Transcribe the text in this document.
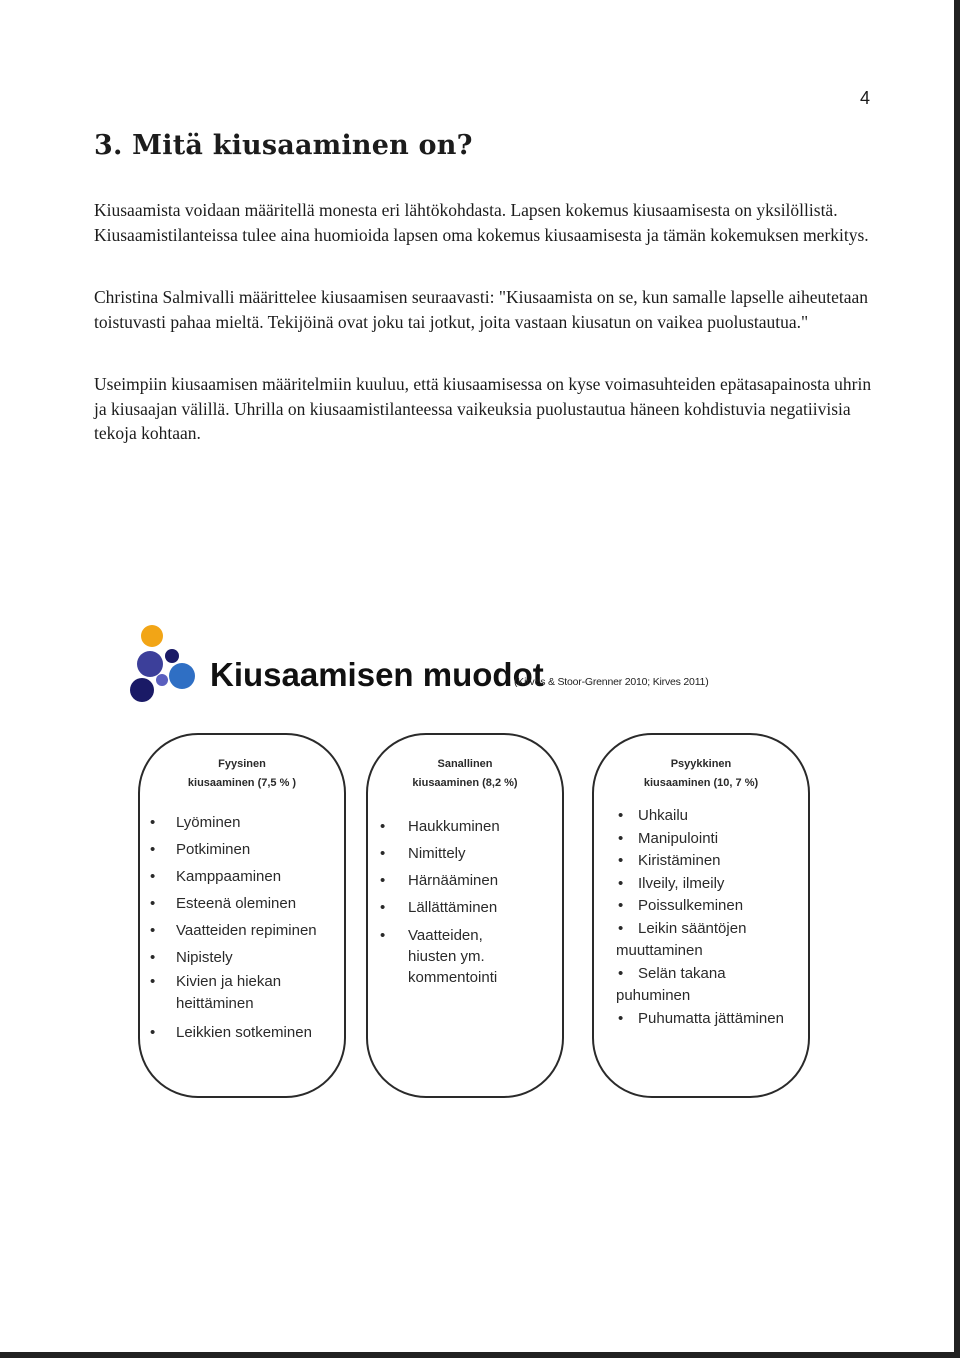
4
3. Mitä kiusaaminen on?

Kiusaamista voidaan määritellä monesta eri lähtökohdasta. Lapsen kokemus kiusaamisesta on yksilöllistä. Kiusaamistilanteissa tulee aina huomioida lapsen oma kokemus kiusaamisesta ja tämän kokemuksen merkitys.

Christina Salmivalli määrittelee kiusaamisen seuraavasti: "Kiusaamista on se, kun samalle lapselle aiheutetaan toistuvasti pahaa mieltä. Tekijöinä ovat joku tai jotkut, joita vastaan kiusatun on vaikea puolustautua."

Useimpiin kiusaamisen määritelmiin kuuluu, että kiusaamisessa on kyse voimasuhteiden epätasapainosta uhrin ja kiusaajan välillä. Uhrilla on kiusaamistilanteessa vaikeuksia puolustautua häneen kohdistuvia negatiivisia tekoja kohtaan.

Kiusaamisen muodot
(Kirves & Stoor-Grenner 2010; Kirves 2011)
Fyysinen
kiusaaminen (7,5 % )
• Lyöminen
• Potkiminen
• Kamppaaminen
• Esteenä oleminen
• Vaatteiden repiminen
• Nipistely
• Kivien ja hiekan heittäminen
• Leikkien sotkeminen
Sanallinen
kiusaaminen (8,2 %)
• Haukkuminen
• Nimittely
• Härnääminen
• Lällättäminen
• Vaatteiden, hiusten ym. kommentointi
Psyykkinen
kiusaaminen (10, 7 %)
• Uhkailu
• Manipulointi
• Kiristäminen
• Ilveily, ilmeily
• Poissulkeminen
• Leikin sääntöjen muuttaminen
• Selän takana puhuminen
• Puhumatta jättäminen
